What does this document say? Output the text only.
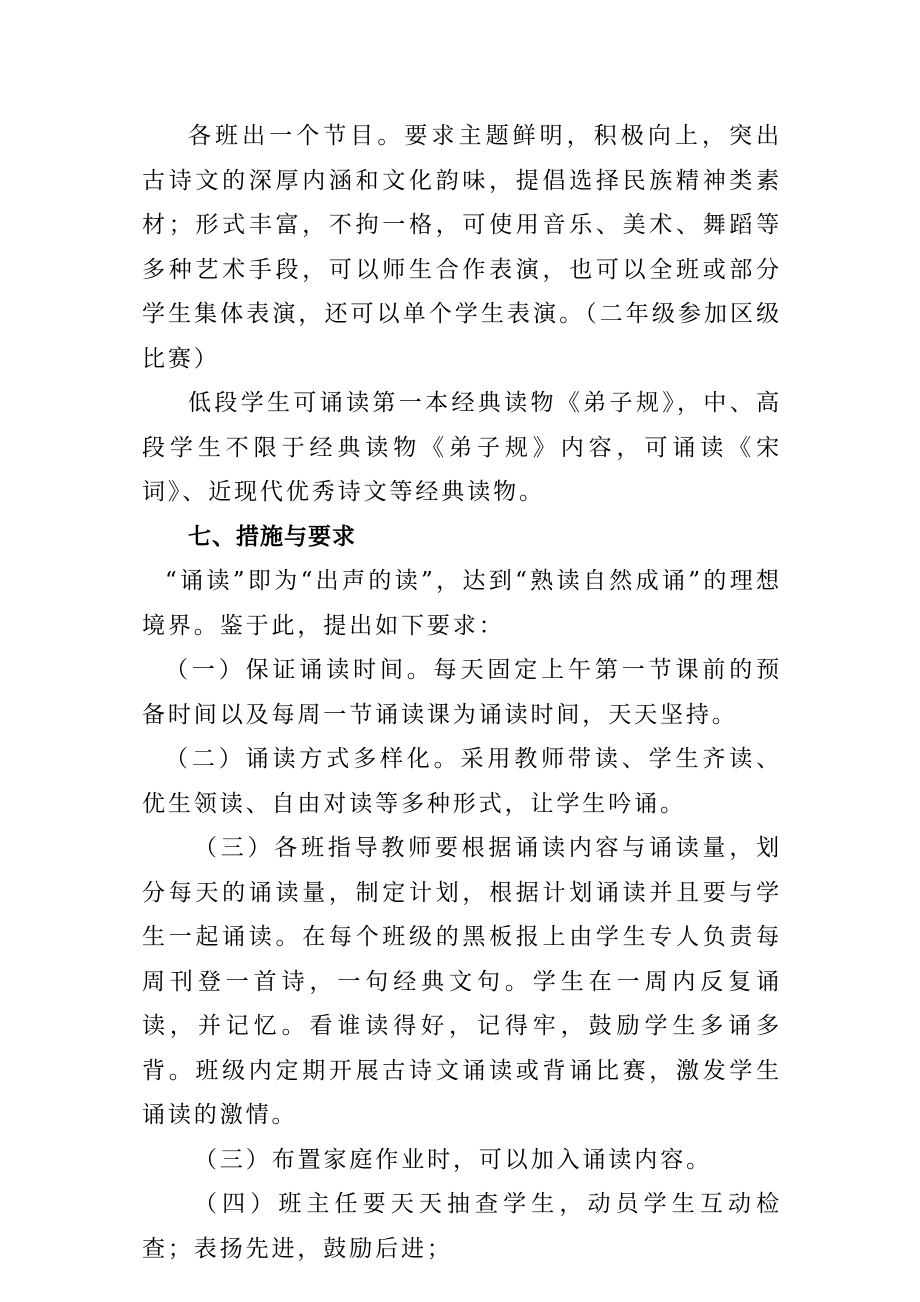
各班出一个节目。要求主题鲜明，积极向上，突出古诗文的深厚内涵和文化韵味，提倡选择民族精神类素材；形式丰富，不拘一格，可使用音乐、美术、舞蹈等多种艺术手段，可以师生合作表演，也可以全班或部分学生集体表演，还可以单个学生表演。（二年级参加区级比赛）

低段学生可诵读第一本经典读物《弟子规》，中、高段学生不限于经典读物《弟子规》内容，可诵读《宋词》、近现代优秀诗文等经典读物。

七、措施与要求

“诵读”即为“出声的读”，达到“熟读自然成诵”的理想境界。鉴于此，提出如下要求：

（一）保证诵读时间。每天固定上午第一节课前的预备时间以及每周一节诵读课为诵读时间，天天坚持。

（二）诵读方式多样化。采用教师带读、学生齐读、优生领读、自由对读等多种形式，让学生吟诵。

（三）各班指导教师要根据诵读内容与诵读量，划分每天的诵读量，制定计划，根据计划诵读并且要与学生一起诵读。在每个班级的黑板报上由学生专人负责每周刊登一首诗，一句经典文句。学生在一周内反复诵读，并记忆。看谁读得好，记得牢，鼓励学生多诵多背。班级内定期开展古诗文诵读或背诵比赛，激发学生诵读的激情。

（三）布置家庭作业时，可以加入诵读内容。

（四）班主任要天天抽查学生，动员学生互动检查；表扬先进，鼓励后进；
